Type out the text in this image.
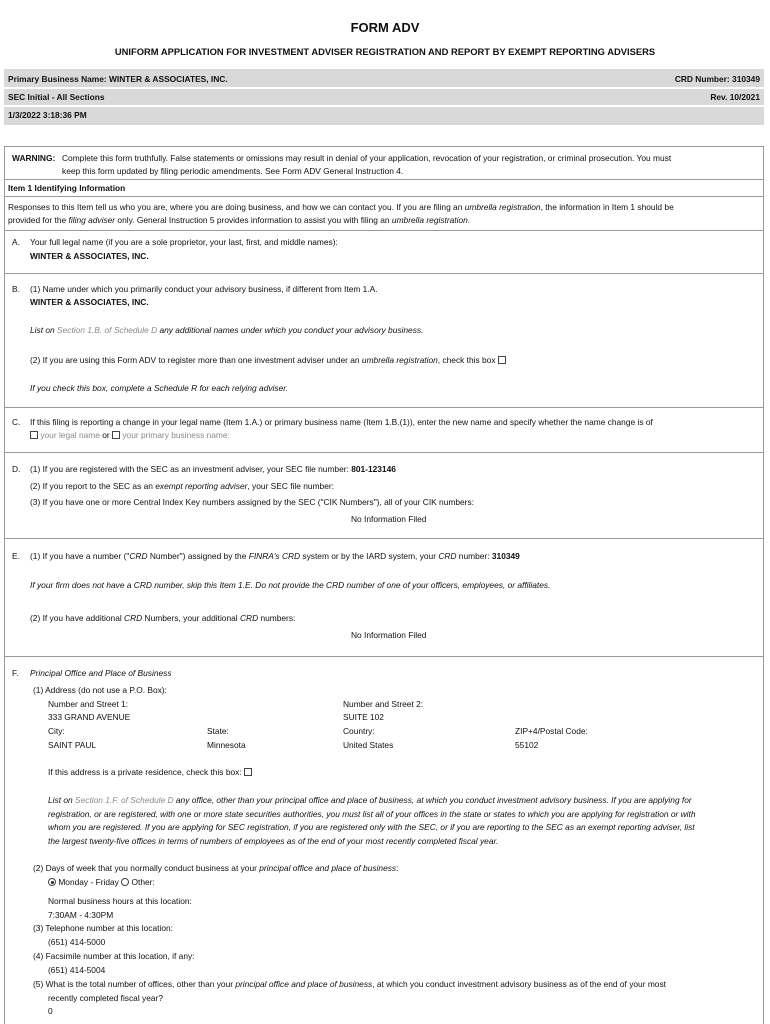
FORM ADV
UNIFORM APPLICATION FOR INVESTMENT ADVISER REGISTRATION AND REPORT BY EXEMPT REPORTING ADVISERS
Primary Business Name: WINTER & ASSOCIATES, INC.	CRD Number: 310349
SEC Initial - All Sections	Rev. 10/2021
1/3/2022 3:18:36 PM
WARNING: Complete this form truthfully. False statements or omissions may result in denial of your application, revocation of your registration, or criminal prosecution. You must
keep this form updated by filing periodic amendments. See Form ADV General Instruction 4.
Item 1 Identifying Information
Responses to this Item tell us who you are, where you are doing business, and how we can contact you. If you are filing an umbrella registration, the information in Item 1 should be
provided for the filing adviser only. General Instruction 5 provides information to assist you with filing an umbrella registration.
A. Your full legal name (if you are a sole proprietor, your last, first, and middle names):
WINTER & ASSOCIATES, INC.
B. (1) Name under which you primarily conduct your advisory business, if different from Item 1.A.
WINTER & ASSOCIATES, INC.
List on Section 1.B. of Schedule D any additional names under which you conduct your advisory business.
(2) If you are using this Form ADV to register more than one investment adviser under an umbrella registration, check this box
If you check this box, complete a Schedule R for each relying adviser.
C. If this filing is reporting a change in your legal name (Item 1.A.) or primary business name (Item 1.B.(1)), enter the new name and specify whether the name change is of
your legal name or your primary business name:
D. (1) If you are registered with the SEC as an investment adviser, your SEC file number: 801-123146
(2) If you report to the SEC as an exempt reporting adviser, your SEC file number:
(3) If you have one or more Central Index Key numbers assigned by the SEC ("CIK Numbers"), all of your CIK numbers:
No Information Filed
E. (1) If you have a number ("CRD Number") assigned by the FINRA's CRD system or by the IARD system, your CRD number: 310349
If your firm does not have a CRD number, skip this Item 1.E. Do not provide the CRD number of one of your officers, employees, or affiliates.
(2) If you have additional CRD Numbers, your additional CRD numbers:
No Information Filed
F. Principal Office and Place of Business
(1) Address (do not use a P.O. Box):
Number and Street 1:	Number and Street 2:
333 GRAND AVENUE	SUITE 102
City:	State:	Country:	ZIP+4/Postal Code:
SAINT PAUL	Minnesota	United States	55102
If this address is a private residence, check this box:
List on Section 1.F. of Schedule D any office, other than your principal office and place of business, at which you conduct investment advisory business. If you are applying for
registration, or are registered, with one or more state securities authorities, you must list all of your offices in the state or states to which you are applying for registration or with
whom you are registered. If you are applying for SEC registration, if you are registered only with the SEC, or if you are reporting to the SEC as an exempt reporting adviser, list
the largest twenty-five offices in terms of numbers of employees as of the end of your most recently completed fiscal year.
(2) Days of week that you normally conduct business at your principal office and place of business:
Monday - Friday Other:
Normal business hours at this location:
7:30AM - 4:30PM
(3) Telephone number at this location:
(651) 414-5000
(4) Facsimile number at this location, if any:
(651) 414-5004
(5) What is the total number of offices, other than your principal office and place of business, at which you conduct investment advisory business as of the end of your most
recently completed fiscal year?
0
